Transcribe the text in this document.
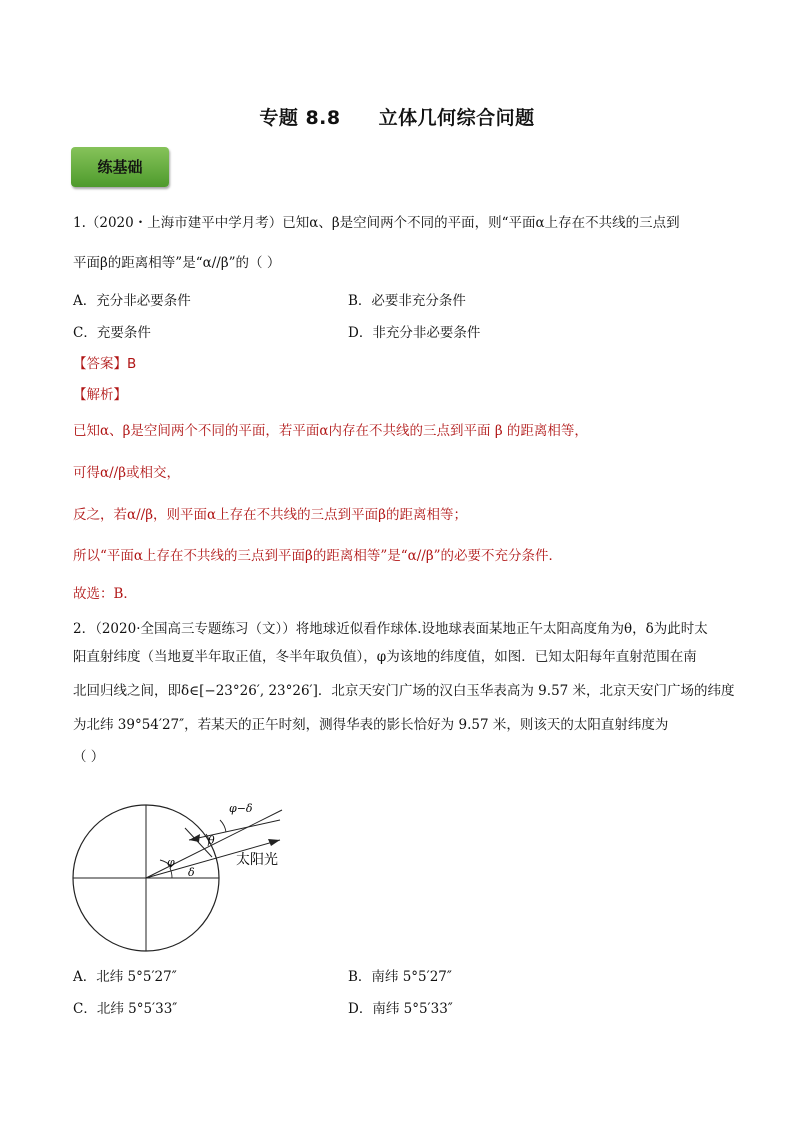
专题 8.8 立体几何综合问题
练基础
1.（2020・上海市建平中学月考）已知α、β是空间两个不同的平面，则“平面α上存在不共线的三点到
平面β的距离相等”是“α//β”的（ ）
A．充分非必要条件	B．必要非充分条件
C．充要条件	D．非充分非必要条件
【答案】B
【解析】
已知α、β是空间两个不同的平面，若平面α内存在不共线的三点到平面 β 的距离相等，
可得α//β或相交，
反之，若α//β，则平面α上存在不共线的三点到平面β的距离相等；
所以“平面α上存在不共线的三点到平面β的距离相等”是“α//β”的必要不充分条件．
故选：B．
2．（2020·全国高三专题练习（文））将地球近似看作球体.设地球表面某地正午太阳高度角为θ，δ为此时太
阳直射纬度（当地夏半年取正值，冬半年取负值），φ为该地的纬度值，如图．已知太阳每年直射范围在南
北回归线之间，即δ∈[−23°26′, 23°26′]．北京天安门广场的汉白玉华表高为 9.57 米，北京天安门广场的纬度
为北纬 39°54′27″，若某天的正午时刻，测得华表的影长恰好为 9.57 米，则该天的太阳直射纬度为
（ ）
φ−δ
θ
φ
δ
太阳光
A．北纬 5°5′27″	B．南纬 5°5′27″
C．北纬 5°5′33″	D．南纬 5°5′33″
